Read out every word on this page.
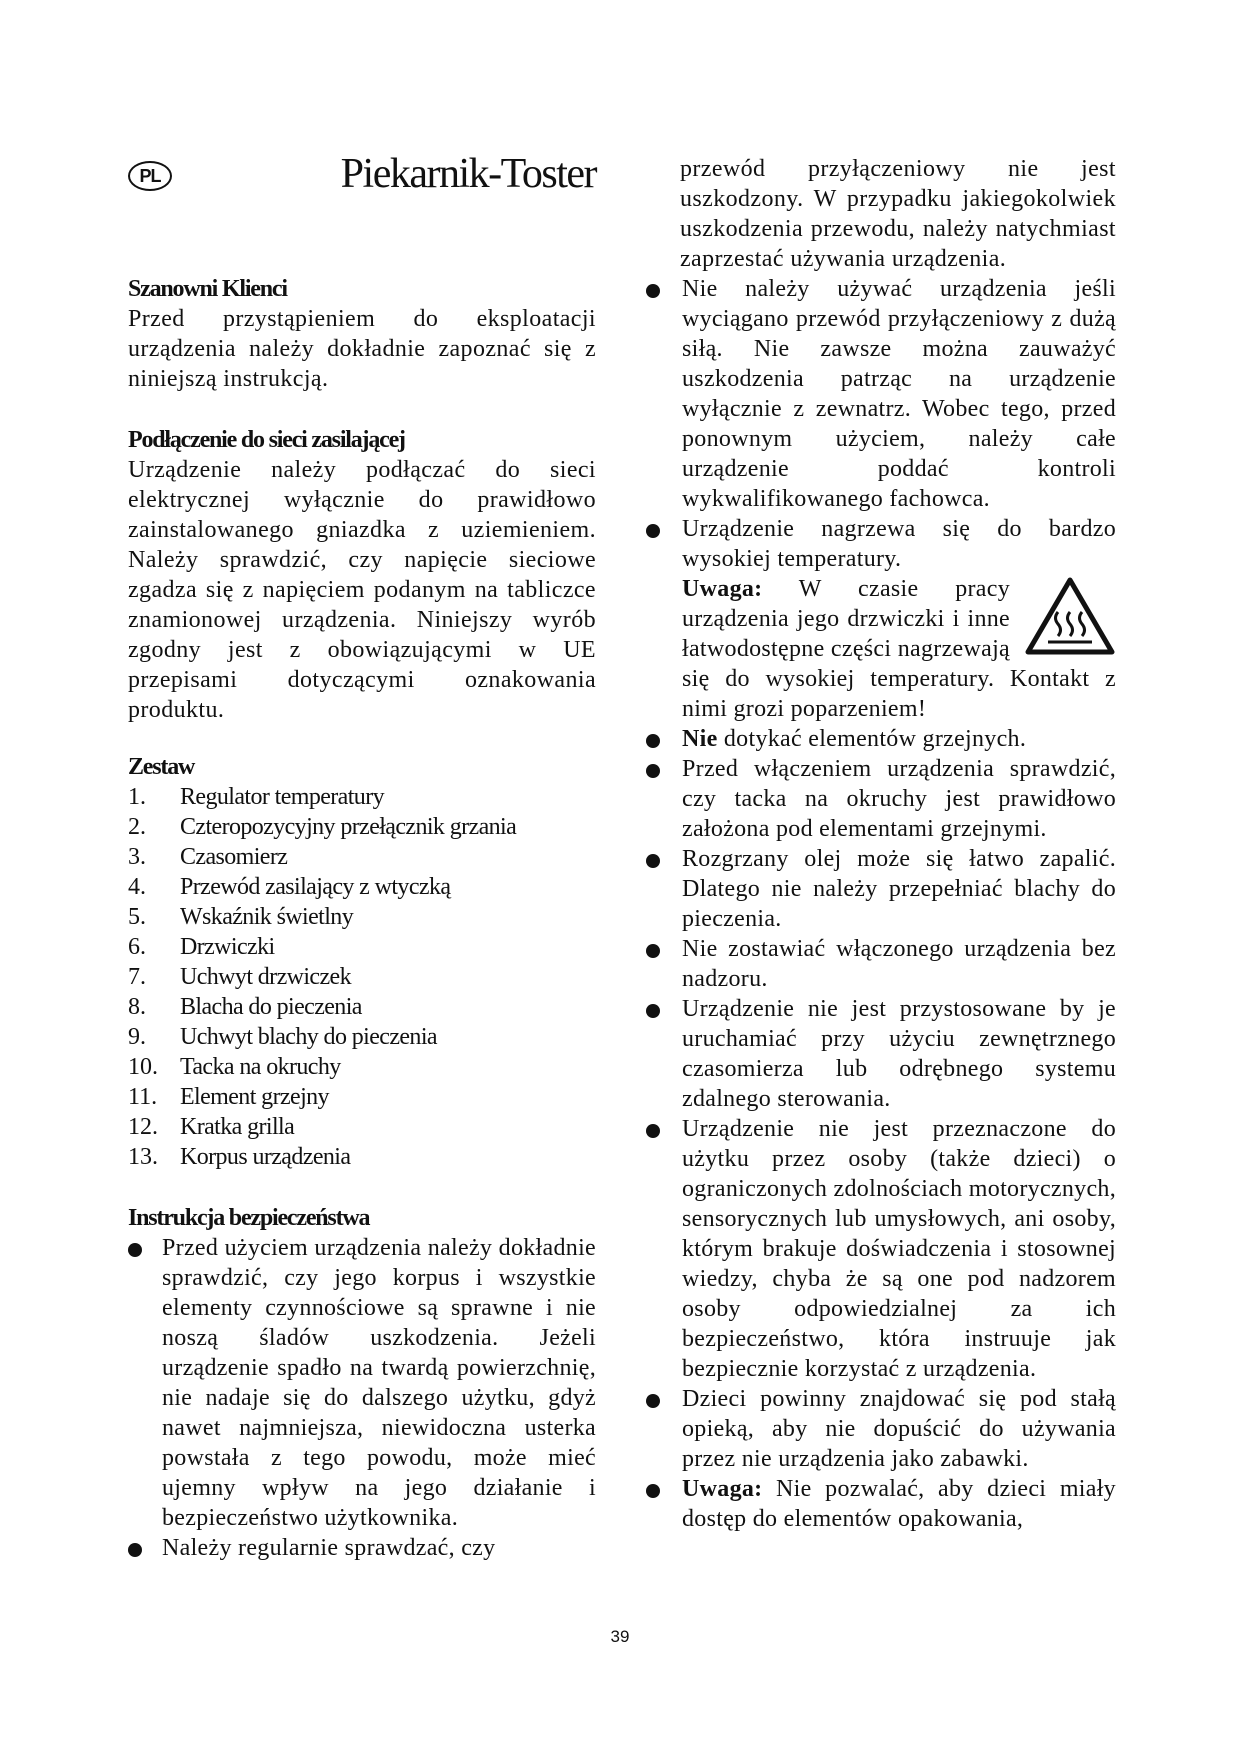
PL	Piekarnik-Toster

Szanowni Klienci

Przed przystąpieniem do eksploatacji urządzenia należy dokładnie zapoznać się z niniejszą instrukcją.

Podłączenie do sieci zasilającej

Urządzenie należy podłączać do sieci elektrycznej wyłącznie do prawidłowo zainstalowanego gniazdka z uziemieniem. Należy sprawdzić, czy napięcie sieciowe zgadza się z napięciem podanym na tabliczce znamionowej urządzenia. Niniejszy wyrób zgodny jest z obowiązującymi w UE przepisami dotyczącymi oznakowania produktu.

Zestaw

1.	Regulator temperatury
2.	Czteropozycyjny przełącznik grzania
3.	Czasomierz
4.	Przewód zasilający z wtyczką
5.	Wskaźnik świetlny
6.	Drzwiczki
7.	Uchwyt drzwiczek
8.	Blacha do pieczenia
9.	Uchwyt blachy do pieczenia
10. Tacka na okruchy
11. Element grzejny
12. Kratka grilla
13. Korpus urządzenia

Instrukcja bezpieczeństwa

Przed użyciem urządzenia należy dokładnie sprawdzić, czy jego korpus i wszystkie elementy czynnościowe są sprawne i nie noszą śladów uszkodzenia. Jeżeli urządzenie spadło na twardą powierzchnię, nie nadaje się do dalszego użytku, gdyż nawet najmniejsza, niewidoczna usterka powstała z tego powodu, może mieć ujemny wpływ na jego działanie i bezpieczeństwo użytkownika.
Należy regularnie sprawdzać, czy

przewód przyłączeniowy nie jest uszkodzony. W przypadku jakiegokolwiek uszkodzenia przewodu, należy natychmiast zaprzestać używania urządzenia.

Nie należy używać urządzenia jeśli wyciągano przewód przyłączeniowy z dużą siłą. Nie zawsze można zauważyć uszkodzenia patrząc na urządzenie wyłącznie z zewnatrz. Wobec tego, przed ponownym użyciem, należy całe urządzenie poddać kontroli wykwalifikowanego fachowca.
Urządzenie nagrzewa się do bardzo wysokiej temperatury.

Uwaga: W czasie pracy urządzenia jego drzwiczki i inne łatwodostępne części nagrzewają się do wysokiej temperatury. Kontakt z nimi grozi poparzeniem!
Nie dotykać elementów grzejnych.
Przed włączeniem urządzenia sprawdzić, czy tacka na okruchy jest prawidłowo założona pod elementami grzejnymi.
Rozgrzany olej może się łatwo zapalić. Dlatego nie należy przepełniać blachy do pieczenia.
Nie zostawiać włączonego urządzenia bez nadzoru.
Urządzenie nie jest przystosowane by je uruchamiać przy użyciu zewnętrznego czasomierza lub odrębnego systemu zdalnego sterowania.
Urządzenie nie jest przeznaczone do użytku przez osoby (także dzieci) o ograniczonych zdolnościach motorycznych, sensorycznych lub umysłowych, ani osoby, którym brakuje doświadczenia i stosownej wiedzy, chyba że są one pod nadzorem osoby odpowiedzialnej za ich bezpieczeństwo, która instruuje jak bezpiecznie korzystać z urządzenia.
Dzieci powinny znajdować się pod stałą opieką, aby nie dopuścić do używania przez nie urządzenia jako zabawki.
Uwaga: Nie pozwalać, aby dzieci miały dostęp do elementów opakowania,
39
